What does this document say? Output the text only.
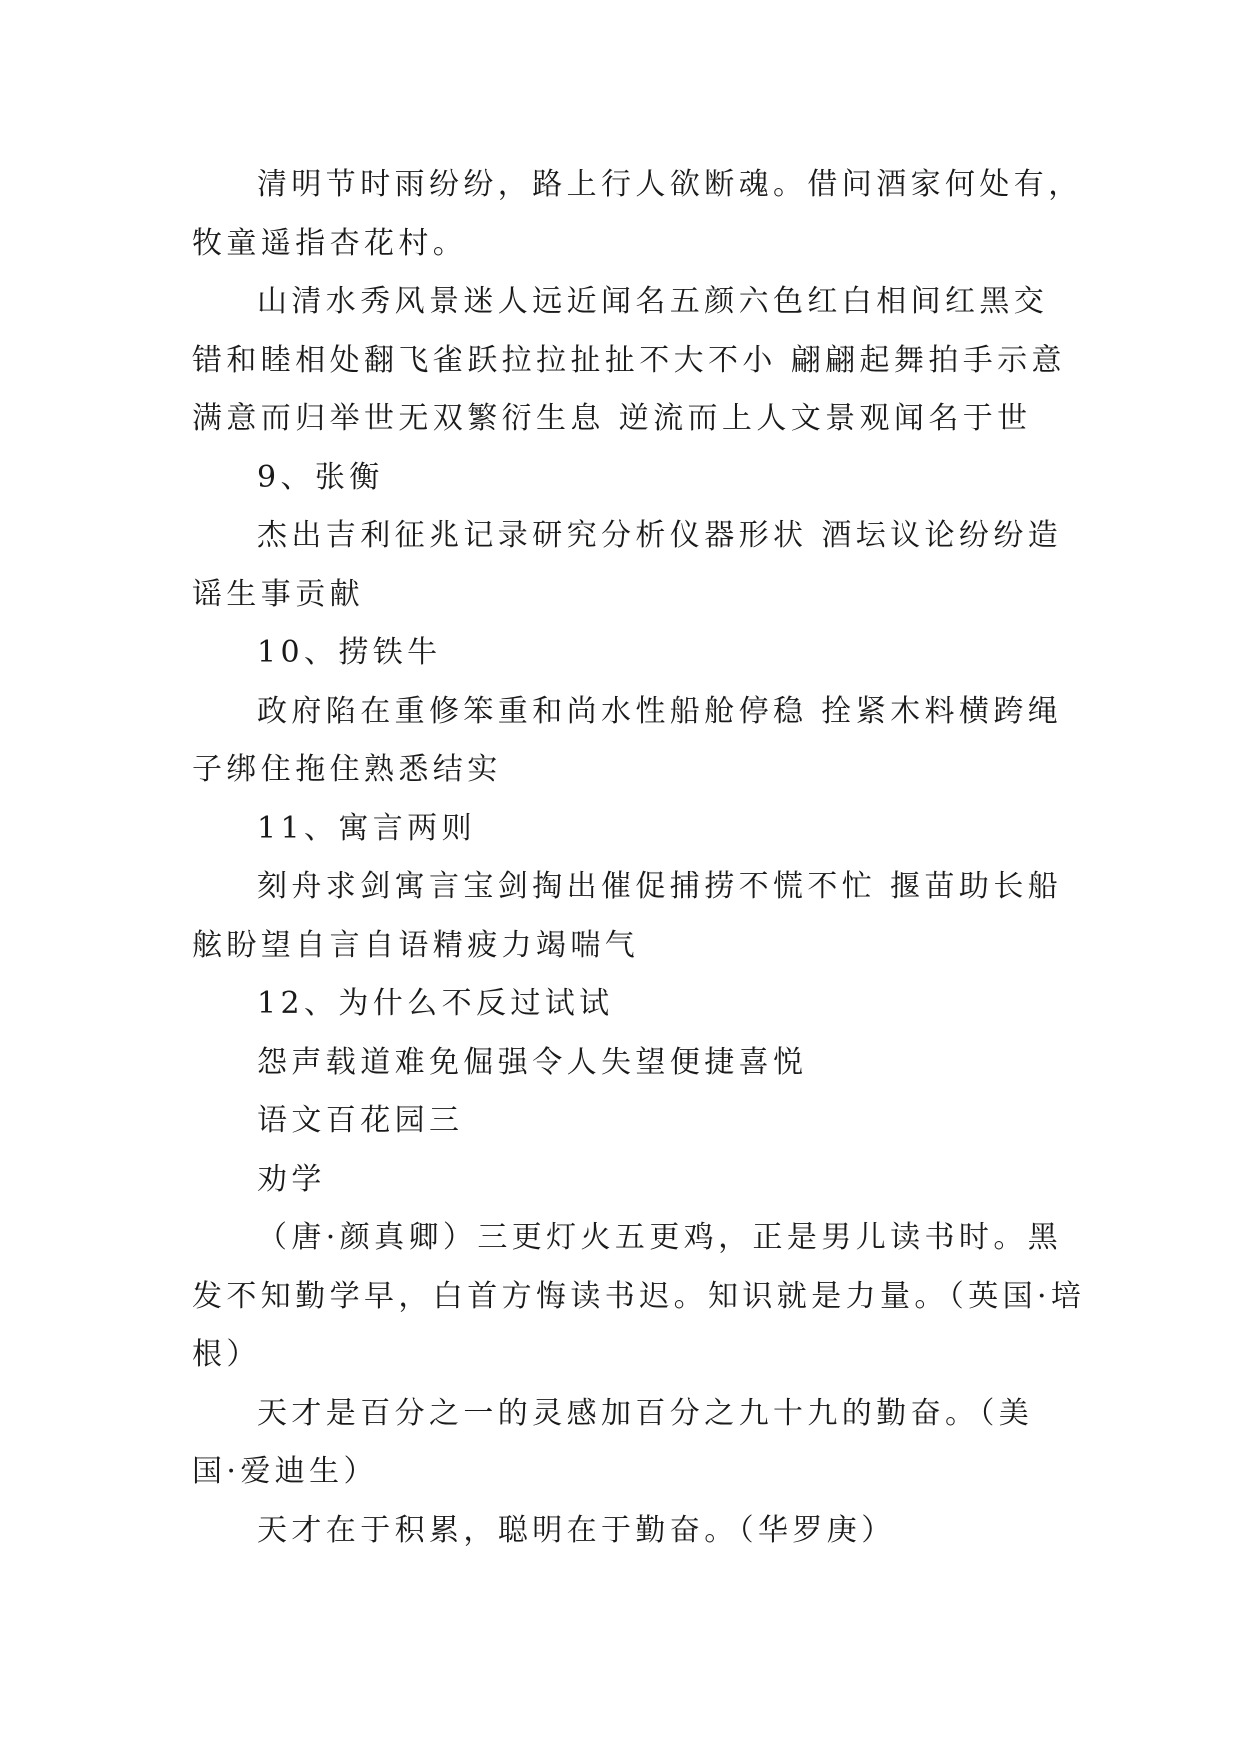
清明节时雨纷纷，路上行人欲断魂。借问酒家何处有，
牧童遥指杏花村。
山清水秀风景迷人远近闻名五颜六色红白相间红黑交
错和睦相处翻飞雀跃拉拉扯扯不大不小 翩翩起舞拍手示意
满意而归举世无双繁衍生息 逆流而上人文景观闻名于世
9、张衡
杰出吉利征兆记录研究分析仪器形状 酒坛议论纷纷造
谣生事贡献
10、捞铁牛
政府陷在重修笨重和尚水性船舱停稳 拴紧木料横跨绳
子绑住拖住熟悉结实
11、寓言两则
刻舟求剑寓言宝剑掏出催促捕捞不慌不忙 揠苗助长船
舷盼望自言自语精疲力竭喘气
12、为什么不反过试试
怨声载道难免倔强令人失望便捷喜悦
语文百花园三
劝学
（唐·颜真卿）三更灯火五更鸡，正是男儿读书时。黑
发不知勤学早，白首方悔读书迟。知识就是力量。（英国·培
根）
天才是百分之一的灵感加百分之九十九的勤奋。（美
国·爱迪生）
天才在于积累，聪明在于勤奋。（华罗庚）
